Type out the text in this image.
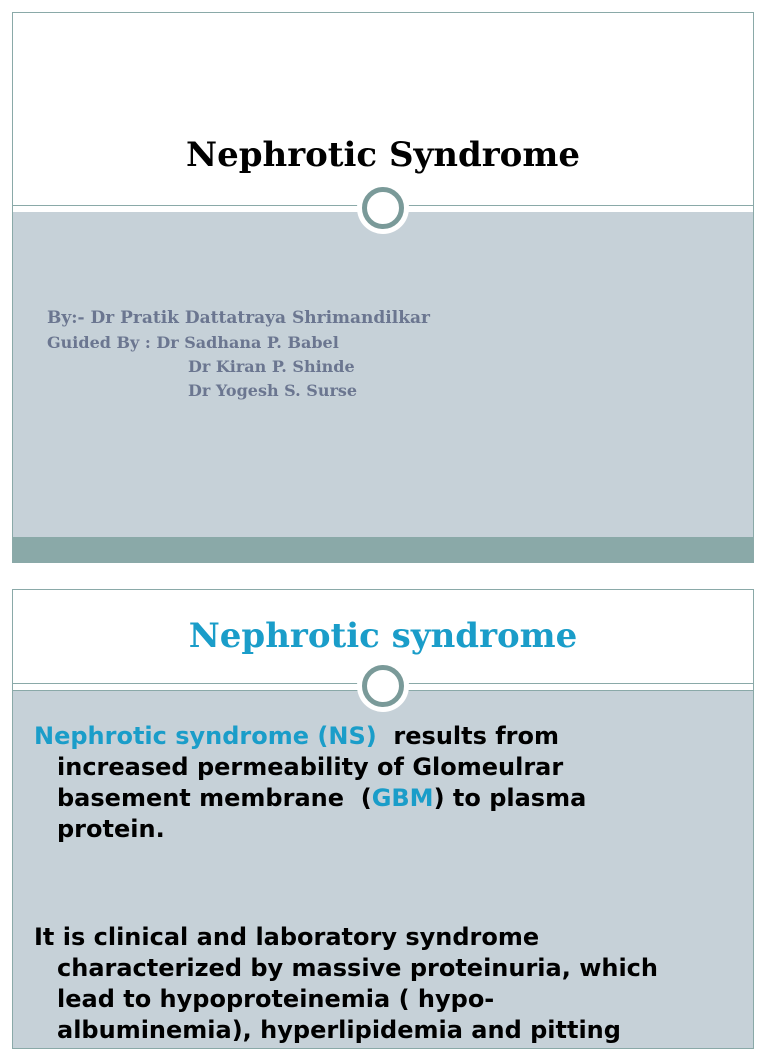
Nephrotic Syndrome
By:- Dr Pratik Dattatraya Shrimandilkar
Guided By : Dr Sadhana P. Babel
Dr Kiran P. Shinde
Dr Yogesh S. Surse
Nephrotic syndrome
Nephrotic syndrome (NS)  results from
increased permeability of Glomeulrar
basement membrane  (GBM) to plasma
protein.
It is clinical and laboratory syndrome
characterized by massive proteinuria, which
lead to hypoproteinemia ( hypo-
albuminemia), hyperlipidemia and pitting
